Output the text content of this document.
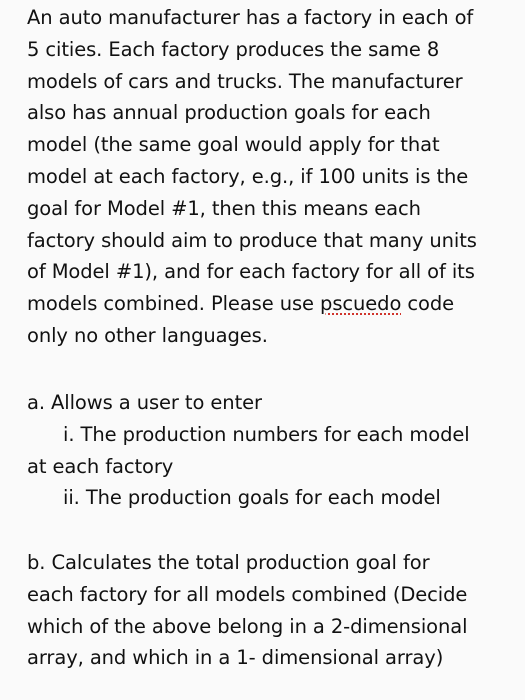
An auto manufacturer has a factory in each of
5 cities. Each factory produces the same 8
models of cars and trucks. The manufacturer
also has annual production goals for each
model (the same goal would apply for that
model at each factory, e.g., if 100 units is the
goal for Model #1, then this means each
factory should aim to produce that many units
of Model #1), and for each factory for all of its
models combined. Please use pscuedo code
only no other languages.
a. Allows a user to enter
i. The production numbers for each model
at each factory
ii. The production goals for each model
b. Calculates the total production goal for
each factory for all models combined (Decide
which of the above belong in a 2-dimensional
array, and which in a 1- dimensional array)
